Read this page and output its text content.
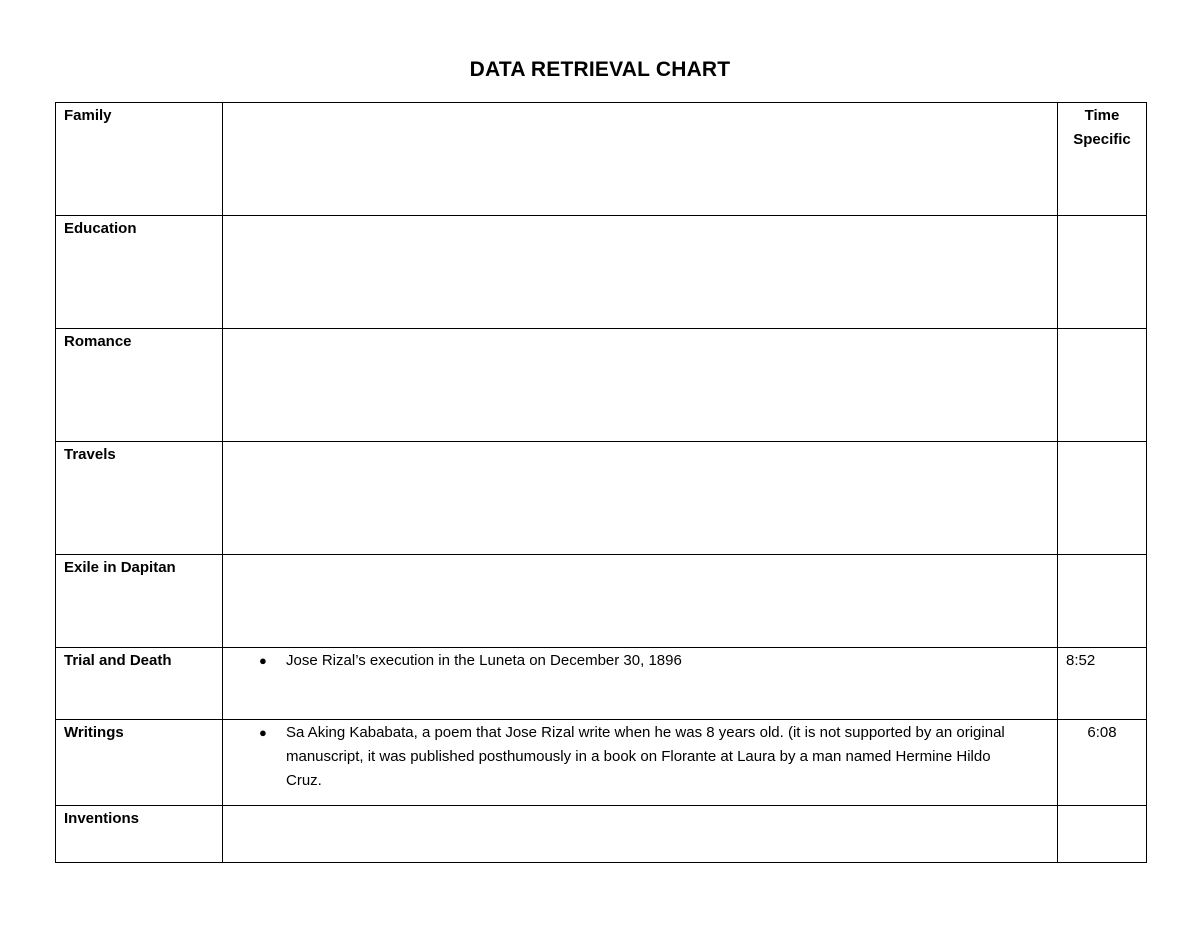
DATA RETRIEVAL CHART
Family		Time Specific

Education		

Romance		

Travels		

Exile in Dapitan		

Trial and Death	● Jose Rizal’s execution in the Luneta on December 30, 1896	8:52

Writings	● Sa Aking Kababata, a poem that Jose Rizal write when he was 8 years old. (it is not supported by an original manuscript, it was published posthumously in a book on Florante at Laura by a man named Hermine Hildo Cruz.	6:08

Inventions		
